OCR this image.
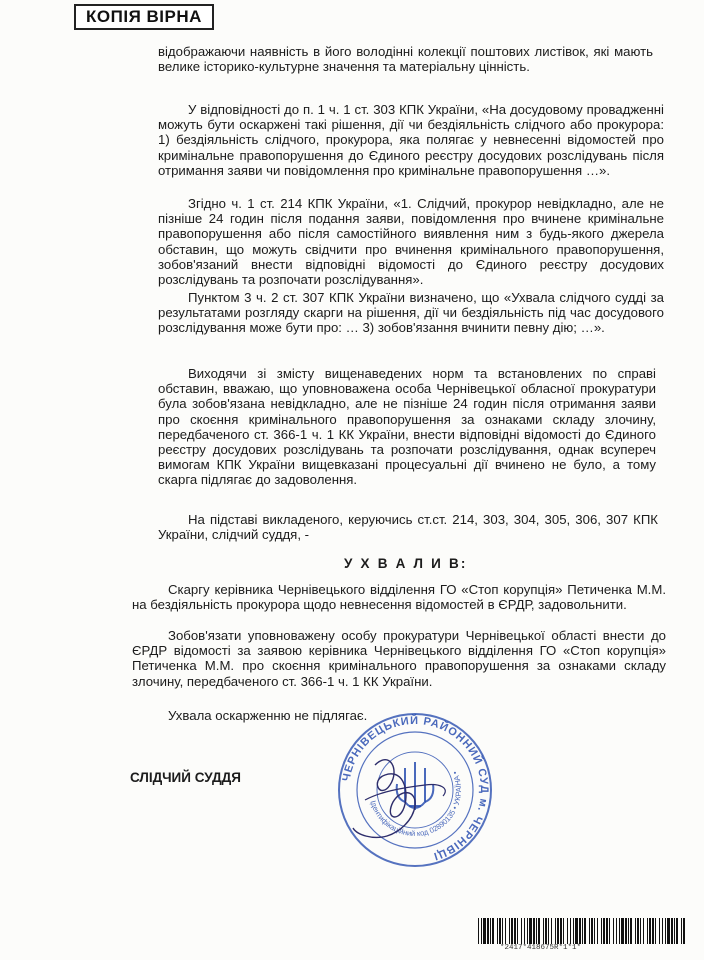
КОПІЯ ВІРНА

відображаючи наявність в його володінні колекції поштових листівок, які мають велике історико-культурне значення та матеріальну цінність.

У відповідності до п. 1 ч. 1 ст. 303 КПК України, «На досудовому провадженні можуть бути оскаржені такі рішення, дії чи бездіяльність слідчого або прокурора: 1) бездіяльність слідчого, прокурора, яка полягає у невнесенні відомостей про кримінальне правопорушення до Єдиного реєстру досудових розслідувань після отримання заяви чи повідомлення про кримінальне правопорушення …».

Згідно ч. 1 ст. 214 КПК України, «1. Слідчий, прокурор невідкладно, але не пізніше 24 годин після подання заяви, повідомлення про вчинене кримінальне правопорушення або після самостійного виявлення ним з будь-якого джерела обставин, що можуть свідчити про вчинення кримінального правопорушення, зобов'язаний внести відповідні відомості до Єдиного реєстру досудових розслідувань та розпочати розслідування».

Пунктом 3 ч. 2 ст. 307 КПК України визначено, що «Ухвала слідчого судді за результатами розгляду скарги на рішення, дії чи бездіяльність під час досудового розслідування може бути про: … 3) зобов'язання вчинити певну дію; …».

Виходячи зі змісту вищенаведених норм та встановлених по справі обставин, вважаю, що уповноважена особа Чернівецької обласної прокуратури була зобов'язана невідкладно, але не пізніше 24 годин після отримання заяви про скоєння кримінального правопорушення за ознаками складу злочину, передбаченого ст. 366-1 ч. 1 КК України, внести відповідні відомості до Єдиного реєстру досудових розслідувань та розпочати розслідування, однак всупереч вимогам КПК України вищевказані процесуальні дії вчинено не було, а тому скарга підлягає до задоволення.

На підставі викладеного, керуючись ст.ст. 214, 303, 304, 305, 306, 307 КПК України, слідчий суддя, -

У Х В А Л И В:

Скаргу керівника Чернівецького відділення ГО «Стоп корупція» Петиченка М.М. на бездіяльність прокурора щодо невнесення відомостей в ЄРДР, задовольнити.

Зобов'язати уповноважену особу прокуратури Чернівецької області внести до ЄРДР відомості за заявою керівника Чернівецького відділення ГО «Стоп корупція» Петиченка М.М. про скоєння кримінального правопорушення за ознаками складу злочину, передбаченого ст. 366-1 ч. 1 КК України.

Ухвала оскарженню не підлягає.

СЛІДЧИЙ СУДДЯ	ЧЕРНІВЕЦЬКИЙ РАЙОННИЙ СУД м. ЧЕРНІВЦІ
Ідентифікаційний код 02890135 • УКРАЇНА •
*2417*418675R*1*1*
